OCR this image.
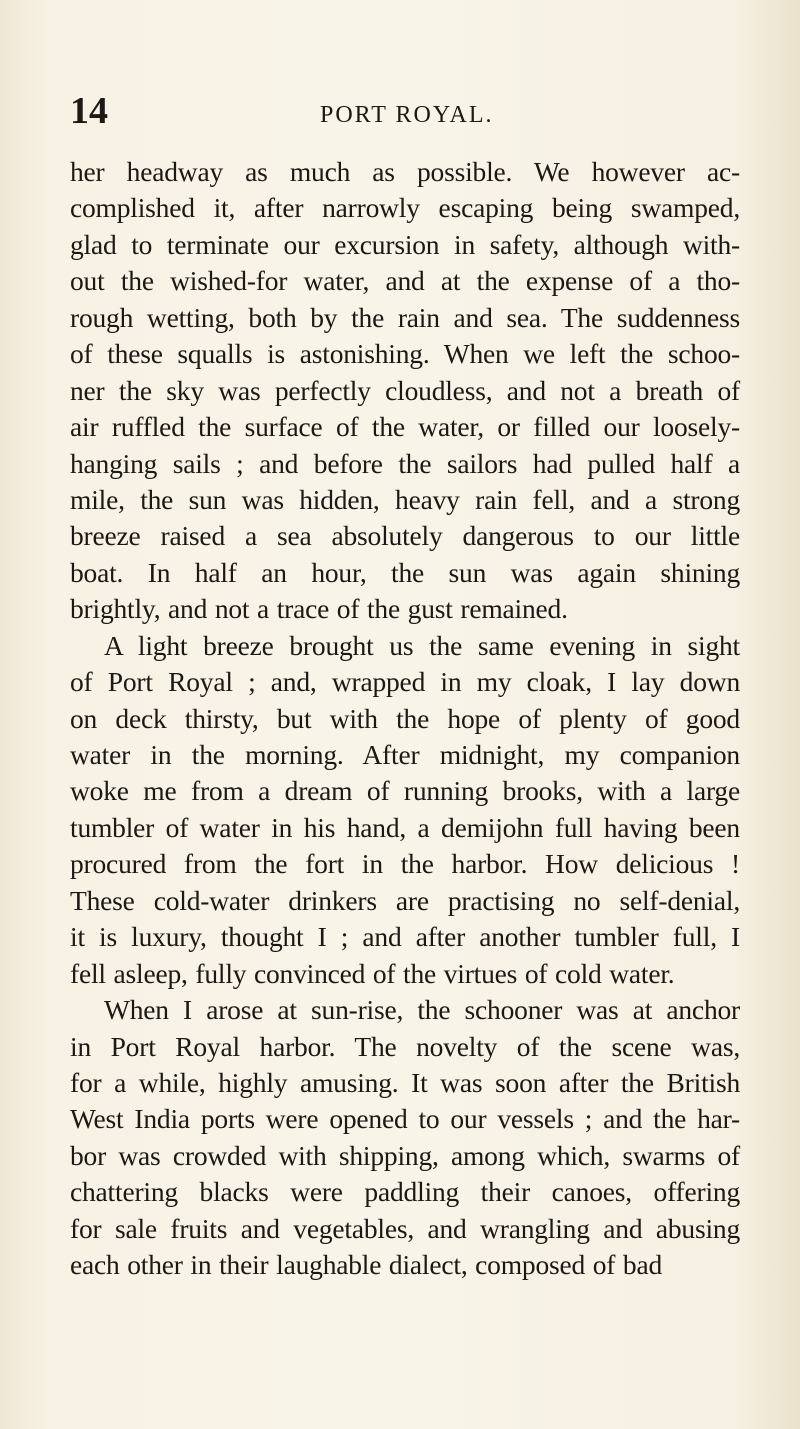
14	PORT ROYAL.
her headway as much as possible. We however ac-
complished it, after narrowly escaping being swamped,
glad to terminate our excursion in safety, although with-
out the wished-for water, and at the expense of a tho-
rough wetting, both by the rain and sea. The suddenness
of these squalls is astonishing. When we left the schoo-
ner the sky was perfectly cloudless, and not a breath of
air ruffled the surface of the water, or filled our loosely-
hanging sails ; and before the sailors had pulled half a
mile, the sun was hidden, heavy rain fell, and a strong
breeze raised a sea absolutely dangerous to our little
boat. In half an hour, the sun was again shining
brightly, and not a trace of the gust remained.
A light breeze brought us the same evening in sight
of Port Royal ; and, wrapped in my cloak, I lay down
on deck thirsty, but with the hope of plenty of good
water in the morning. After midnight, my companion
woke me from a dream of running brooks, with a large
tumbler of water in his hand, a demijohn full having been
procured from the fort in the harbor. How delicious !
These cold-water drinkers are practising no self-denial,
it is luxury, thought I ; and after another tumbler full, I
fell asleep, fully convinced of the virtues of cold water.
When I arose at sun-rise, the schooner was at anchor
in Port Royal harbor. The novelty of the scene was,
for a while, highly amusing. It was soon after the British
West India ports were opened to our vessels ; and the har-
bor was crowded with shipping, among which, swarms of
chattering blacks were paddling their canoes, offering
for sale fruits and vegetables, and wrangling and abusing
each other in their laughable dialect, composed of bad
